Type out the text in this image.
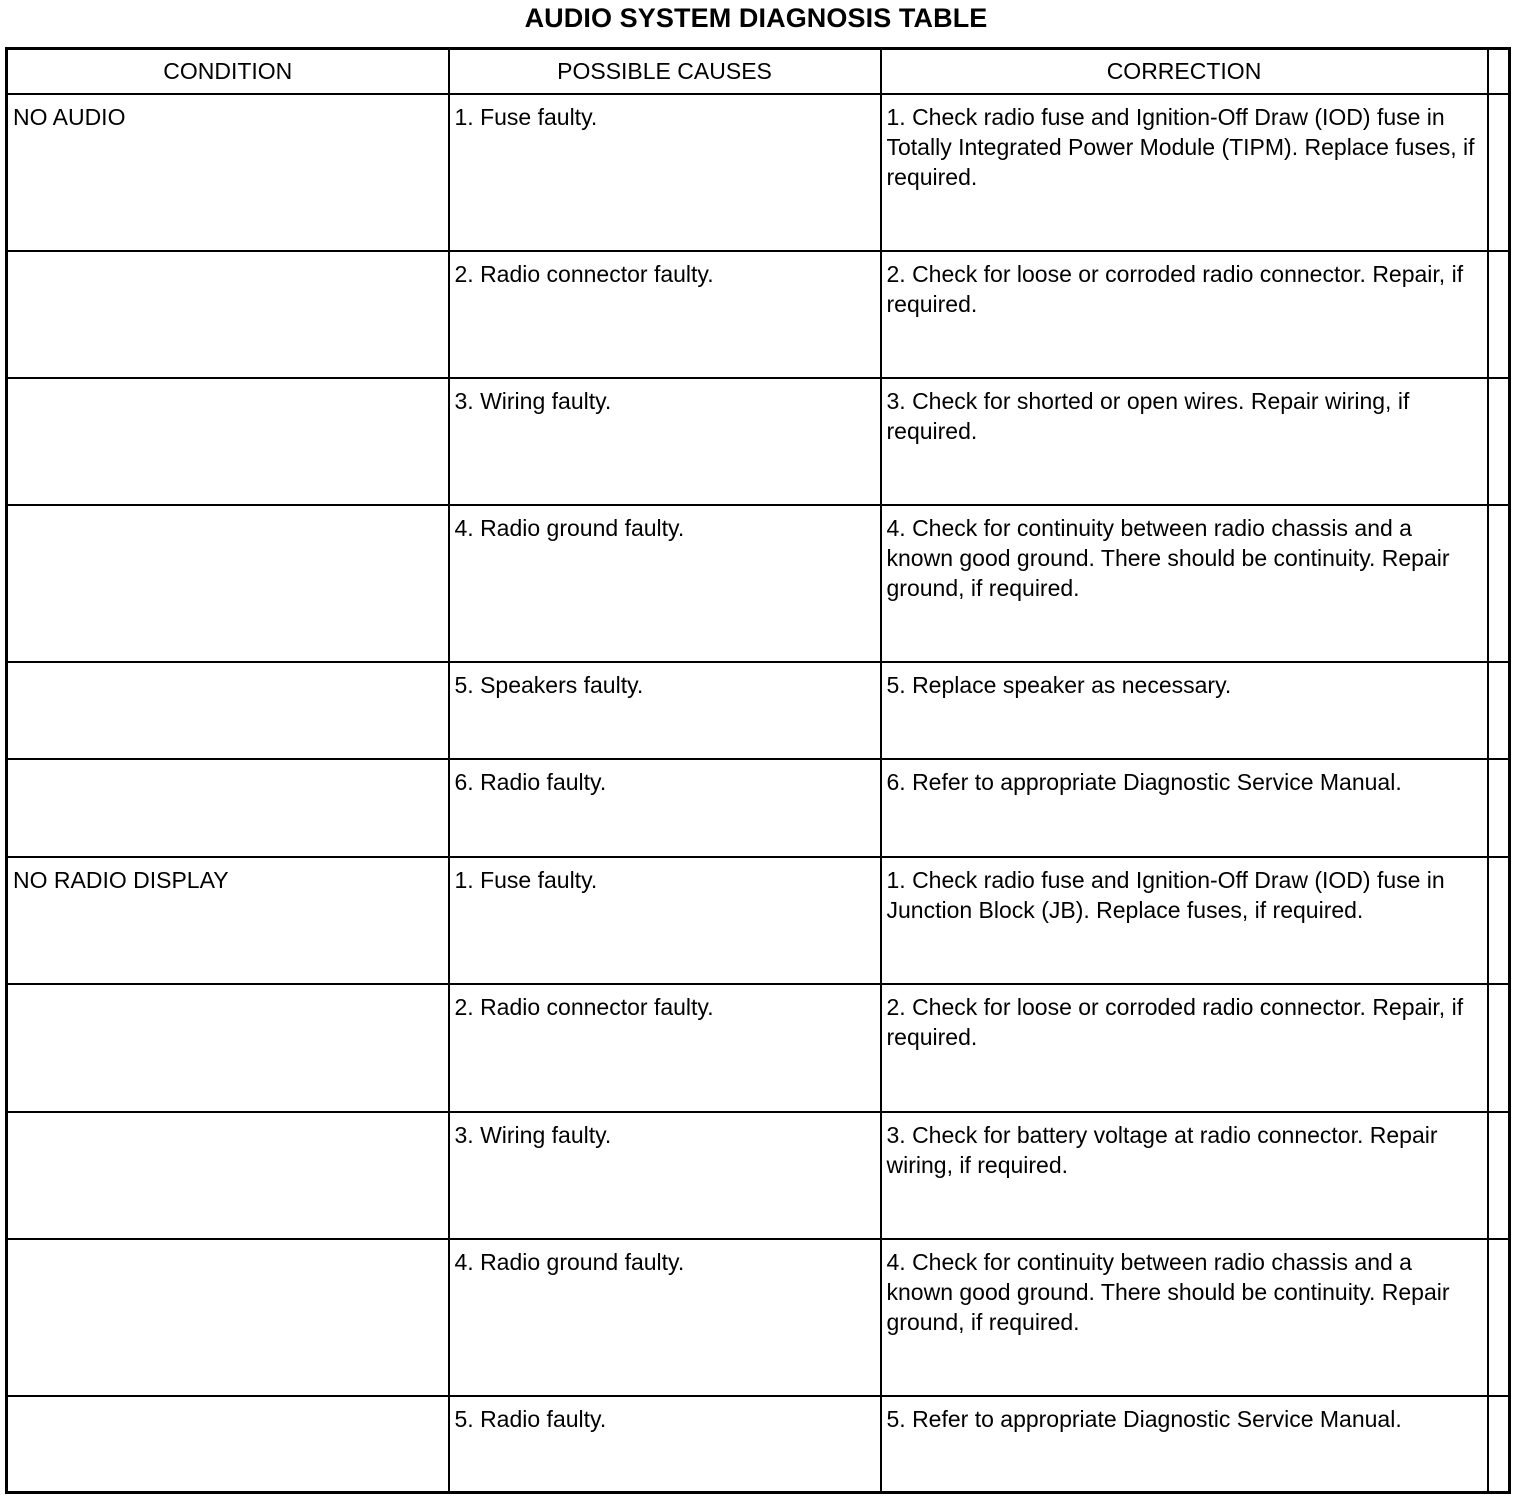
AUDIO SYSTEM DIAGNOSIS TABLE
CONDITION	POSSIBLE CAUSES	CORRECTION	
NO AUDIO	1. Fuse faulty.	1. Check radio fuse and Ignition-Off Draw (IOD) fuse in Totally Integrated Power Module (TIPM). Replace fuses, if required.	
	2. Radio connector faulty.	2. Check for loose or corroded radio connector. Repair, if required.	
	3. Wiring faulty.	3. Check for shorted or open wires. Repair wiring, if required.	
	4. Radio ground faulty.	4. Check for continuity between radio chassis and a known good ground. There should be continuity. Repair ground, if required.	
	5. Speakers faulty.	5. Replace speaker as necessary.	
	6. Radio faulty.	6. Refer to appropriate Diagnostic Service Manual.	
NO RADIO DISPLAY	1. Fuse faulty.	1. Check radio fuse and Ignition-Off Draw (IOD) fuse in Junction Block (JB). Replace fuses, if required.	
	2. Radio connector faulty.	2. Check for loose or corroded radio connector. Repair, if required.	
	3. Wiring faulty.	3. Check for battery voltage at radio connector. Repair wiring, if required.	
	4. Radio ground faulty.	4. Check for continuity between radio chassis and a known good ground. There should be continuity. Repair ground, if required.	
	5. Radio faulty.	5. Refer to appropriate Diagnostic Service Manual.	
